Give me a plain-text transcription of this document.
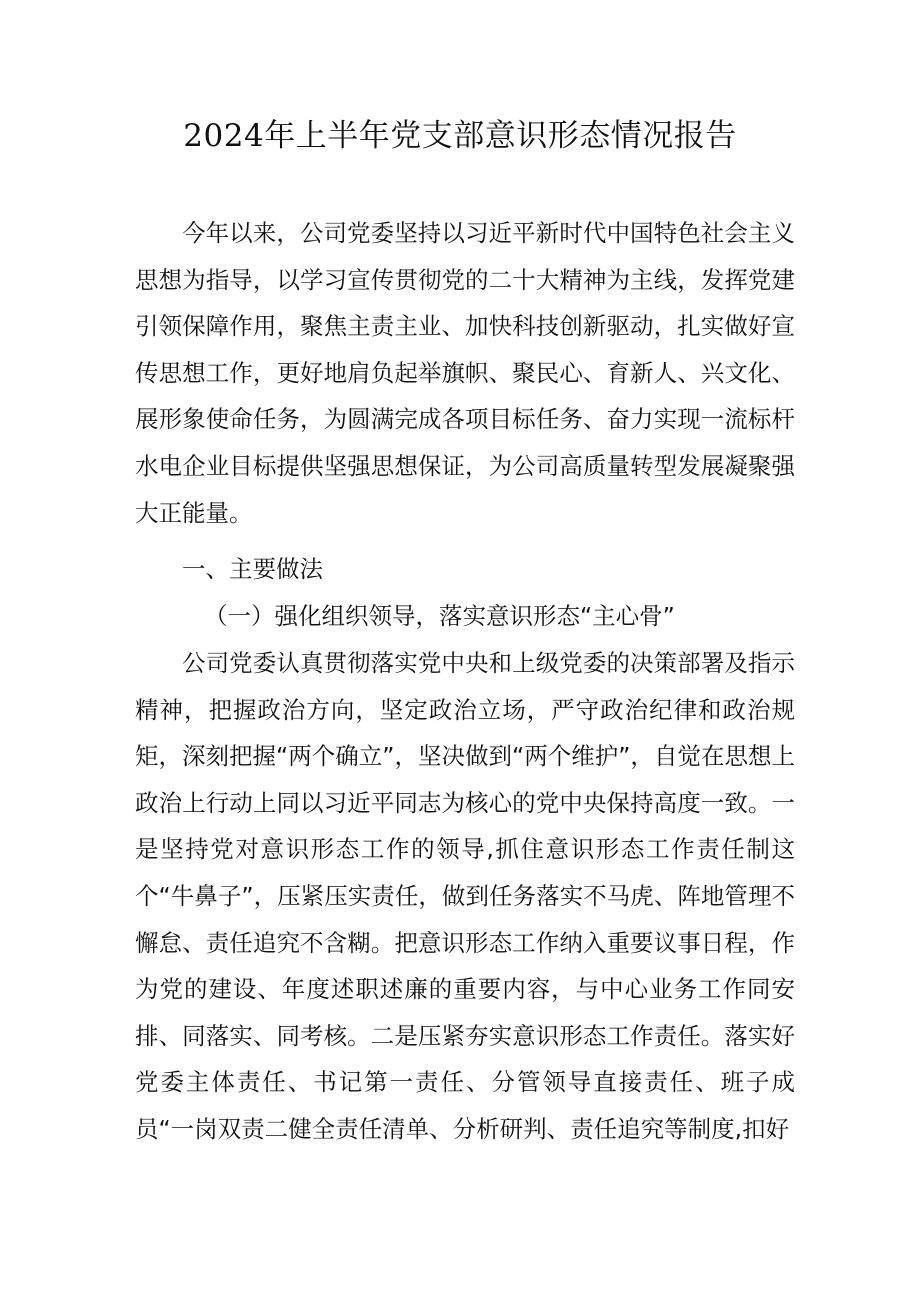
2024年上半年党支部意识形态情况报告

今年以来，公司党委坚持以习近平新时代中国特色社会主义思想为指导，以学习宣传贯彻党的二十大精神为主线，发挥党建引领保障作用，聚焦主责主业、加快科技创新驱动，扎实做好宣传思想工作，更好地肩负起举旗帜、聚民心、育新人、兴文化、展形象使命任务，为圆满完成各项目标任务、奋力实现一流标杆水电企业目标提供坚强思想保证，为公司高质量转型发展凝聚强大正能量。

一、主要做法

（一）强化组织领导，落实意识形态“主心骨”

公司党委认真贯彻落实党中央和上级党委的决策部署及指示精神，把握政治方向，坚定政治立场，严守政治纪律和政治规矩，深刻把握“两个确立”，坚决做到“两个维护”，自觉在思想上政治上行动上同以习近平同志为核心的党中央保持高度一致。一是坚持党对意识形态工作的领导,抓住意识形态工作责任制这个“牛鼻子”，压紧压实责任，做到任务落实不马虎、阵地管理不懈怠、责任追究不含糊。把意识形态工作纳入重要议事日程，作为党的建设、年度述职述廉的重要内容，与中心业务工作同安排、同落实、同考核。二是压紧夯实意识形态工作责任。落实好党委主体责任、书记第一责任、分管领导直接责任、班子成员“一岗双责二健全责任清单、分析研判、责任追究等制度,扣好
